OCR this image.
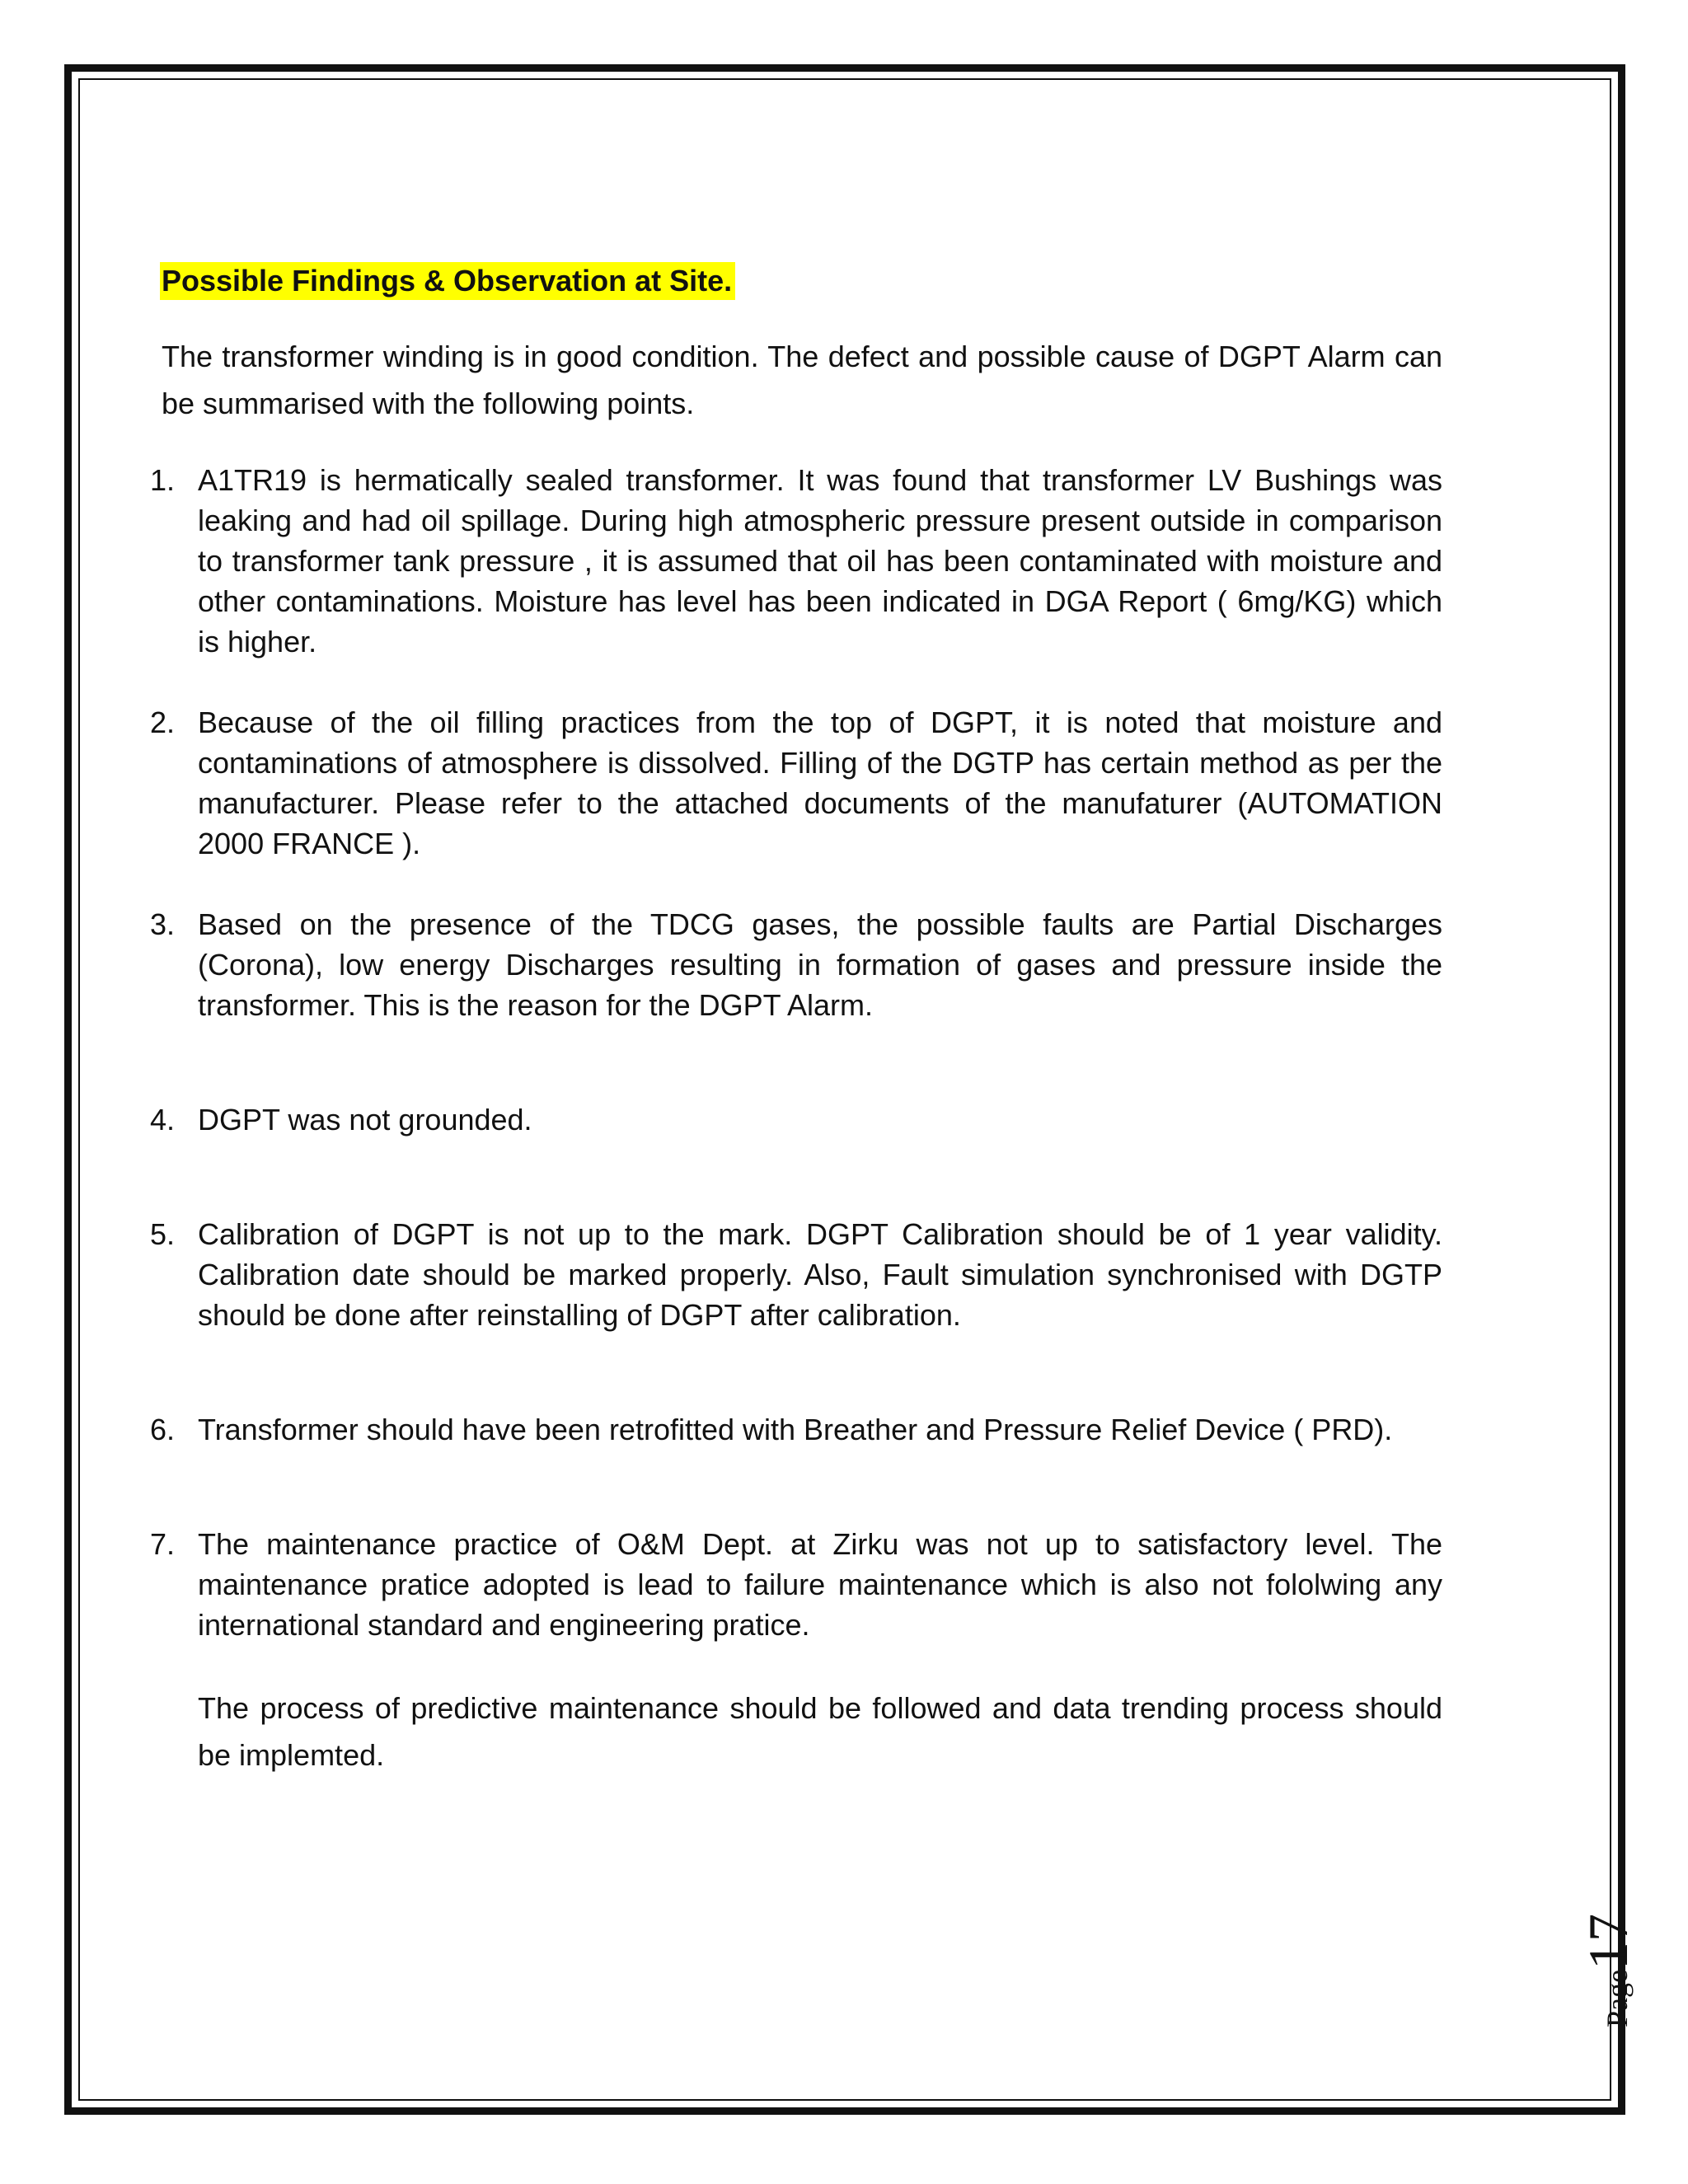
Possible Findings & Observation at Site.

The transformer winding is in good condition. The defect and possible cause of DGPT Alarm can be summarised with the following points.

1. A1TR19 is hermatically sealed transformer. It was found that transformer LV Bushings was leaking and had oil spillage. During high atmospheric pressure present outside in comparison to transformer tank pressure , it is assumed that oil has been contaminated with moisture and other contaminations. Moisture has level has been indicated in DGA Report ( 6mg/KG) which is higher.
2. Because of the oil filling practices from the top of DGPT, it is noted that moisture and contaminations of atmosphere is dissolved. Filling of the DGTP has certain method as per the manufacturer. Please refer to the attached documents of the manufaturer (AUTOMATION 2000 FRANCE ).
3. Based on the presence of the TDCG gases, the possible faults are Partial Discharges (Corona), low energy Discharges resulting in formation of gases and pressure inside the transformer. This is the reason for the DGPT Alarm.
4. DGPT was not grounded.
5. Calibration of DGPT is not up to the mark. DGPT Calibration should be of 1 year validity. Calibration date should be marked properly. Also, Fault simulation synchronised with DGTP should be done after reinstalling of DGPT after calibration.
6. Transformer should have been retrofitted with Breather and Pressure Relief Device ( PRD).
7. The maintenance practice of O&M Dept. at Zirku was not up to satisfactory level. The maintenance pratice adopted is lead to failure maintenance which is also not fololwing any international standard and engineering pratice.
The process of predictive maintenance should be followed and data trending process should be implemted.
Page17
